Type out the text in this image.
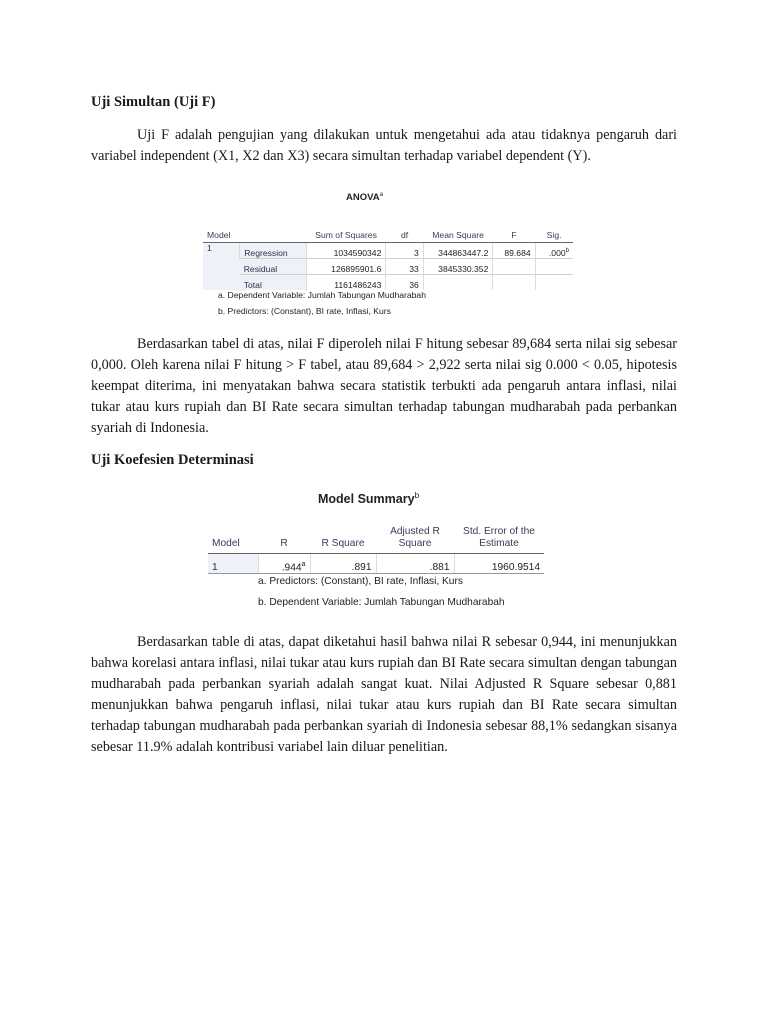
Uji Simultan (Uji F)

Uji F adalah pengujian yang dilakukan untuk mengetahui ada atau tidaknya pengaruh dari variabel independent (X1, X2 dan X3) secara simultan terhadap variabel dependent (Y).

ANOVA$^a$
Model		Sum of Squares	df	Mean Square	F	Sig.
1	Regression	1034590342	3	344863447.2	89.684	.000$^b$
	Residual	126895901.6	33	3845330.352		
	Total	1161486243	36			
a. Dependent Variable: Jumlah Tabungan Mudharabah
b. Predictors: (Constant), BI rate, Inflasi, Kurs

Berdasarkan tabel di atas, nilai F diperoleh nilai F hitung sebesar 89,684 serta nilai sig sebesar 0,000. Oleh karena nilai F hitung > F tabel, atau 89,684 > 2,922 serta nilai sig 0.000 < 0.05, hipotesis keempat diterima, ini menyatakan bahwa secara statistik terbukti ada pengaruh antara inflasi, nilai tukar atau kurs rupiah dan BI Rate secara simultan terhadap tabungan mudharabah pada perbankan syariah di Indonesia.

Uji Koefesien Determinasi
Model Summary$^b$
Model	R	R Square	Adjusted R Square	Std. Error of the Estimate
1	.944$^a$	.891	.881	1960.9514
a. Predictors: (Constant), BI rate, Inflasi, Kurs
b. Dependent Variable: Jumlah Tabungan Mudharabah

Berdasarkan table di atas, dapat diketahui hasil bahwa nilai R sebesar 0,944, ini menunjukkan bahwa korelasi antara inflasi, nilai tukar atau kurs rupiah dan BI Rate secara simultan dengan tabungan mudharabah pada perbankan syariah adalah sangat kuat. Nilai Adjusted R Square sebesar 0,881 menunjukkan bahwa pengaruh inflasi, nilai tukar atau kurs rupiah dan BI Rate secara simultan terhadap tabungan mudharabah pada perbankan syariah di Indonesia sebesar 88,1% sedangkan sisanya sebesar 11.9% adalah kontribusi variabel lain diluar penelitian.
